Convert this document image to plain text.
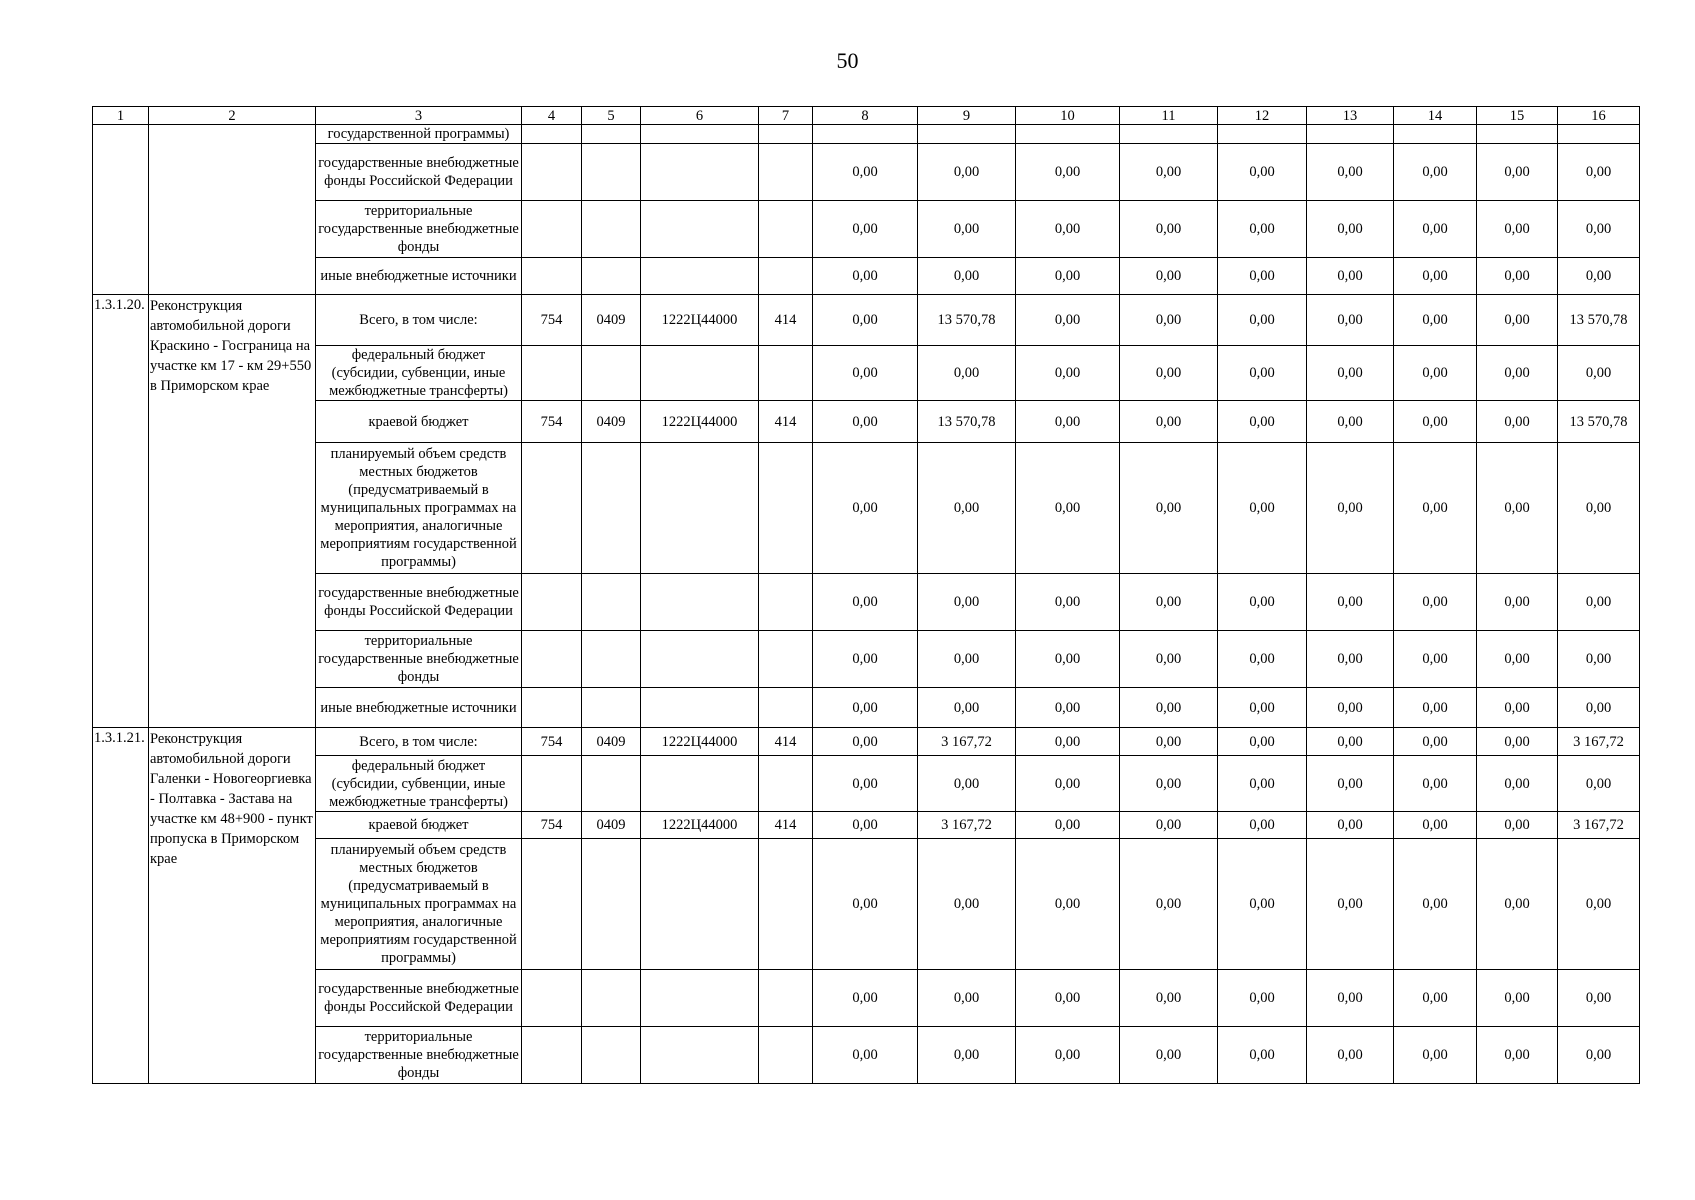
50
1	2	3	4	5	6	7	8	9	10	11	12	13	14	15	16
		государственной программы)													
		государственные внебюджетные фонды Российской Федерации					0,00	0,00	0,00	0,00	0,00	0,00	0,00	0,00	0,00
		территориальные государственные внебюджетные фонды					0,00	0,00	0,00	0,00	0,00	0,00	0,00	0,00	0,00
		иные внебюджетные источники					0,00	0,00	0,00	0,00	0,00	0,00	0,00	0,00	0,00
1.3.1.20.	Реконструкция автомобильной дороги Краскино - Госграница на участке км 17 - км 29+550 в Приморском крае	Всего, в том числе:	754	0409	1222Ц44000	414	0,00	13 570,78	0,00	0,00	0,00	0,00	0,00	0,00	13 570,78
		федеральный бюджет (субсидии, субвенции, иные межбюджетные трансферты)					0,00	0,00	0,00	0,00	0,00	0,00	0,00	0,00	0,00
		краевой бюджет	754	0409	1222Ц44000	414	0,00	13 570,78	0,00	0,00	0,00	0,00	0,00	0,00	13 570,78
		планируемый объем средств местных бюджетов (предусматриваемый в муниципальных программах на мероприятия, аналогичные мероприятиям государственной программы)					0,00	0,00	0,00	0,00	0,00	0,00	0,00	0,00	0,00
		государственные внебюджетные фонды Российской Федерации					0,00	0,00	0,00	0,00	0,00	0,00	0,00	0,00	0,00
		территориальные государственные внебюджетные фонды					0,00	0,00	0,00	0,00	0,00	0,00	0,00	0,00	0,00
		иные внебюджетные источники					0,00	0,00	0,00	0,00	0,00	0,00	0,00	0,00	0,00
1.3.1.21.	Реконструкция автомобильной дороги Галенки - Новогеоргиевка - Полтавка - Застава на участке км 48+900 - пункт пропуска в Приморском крае	Всего, в том числе:	754	0409	1222Ц44000	414	0,00	3 167,72	0,00	0,00	0,00	0,00	0,00	0,00	3 167,72
		федеральный бюджет (субсидии, субвенции, иные межбюджетные трансферты)					0,00	0,00	0,00	0,00	0,00	0,00	0,00	0,00	0,00
		краевой бюджет	754	0409	1222Ц44000	414	0,00	3 167,72	0,00	0,00	0,00	0,00	0,00	0,00	3 167,72
		планируемый объем средств местных бюджетов (предусматриваемый в муниципальных программах на мероприятия, аналогичные мероприятиям государственной программы)					0,00	0,00	0,00	0,00	0,00	0,00	0,00	0,00	0,00
		государственные внебюджетные фонды Российской Федерации					0,00	0,00	0,00	0,00	0,00	0,00	0,00	0,00	0,00
		территориальные государственные внебюджетные фонды					0,00	0,00	0,00	0,00	0,00	0,00	0,00	0,00	0,00
